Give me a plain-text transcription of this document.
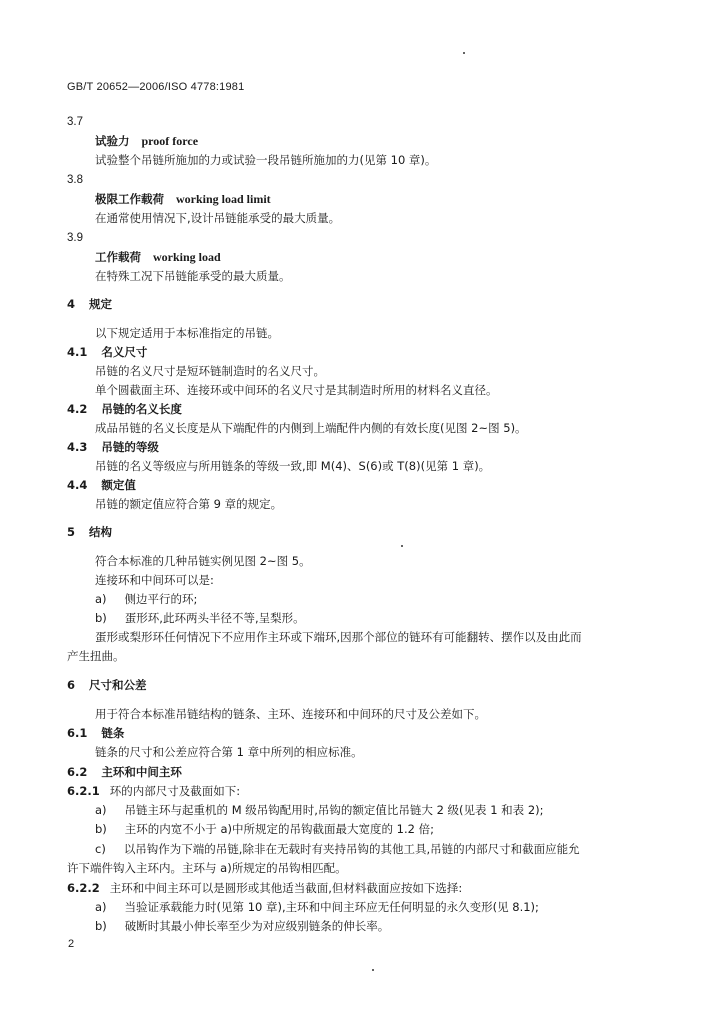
GB/T 20652—2006/ISO 4778:1981
3.7
试验力 proof force
试验整个吊链所施加的力或试验一段吊链所施加的力(见第 10 章)。
3.8
极限工作载荷 working load limit
在通常使用情况下,设计吊链能承受的最大质量。
3.9
工作载荷 working load
在特殊工况下吊链能承受的最大质量。
4 规定
以下规定适用于本标准指定的吊链。
4.1 名义尺寸
吊链的名义尺寸是短环链制造时的名义尺寸。
单个圆截面主环、连接环或中间环的名义尺寸是其制造时所用的材料名义直径。
4.2 吊链的名义长度
成品吊链的名义长度是从下端配件的内侧到上端配件内侧的有效长度(见图 2~图 5)。
4.3 吊链的等级
吊链的名义等级应与所用链条的等级一致,即 M(4)、S(6)或 T(8)(见第 1 章)。
4.4 额定值
吊链的额定值应符合第 9 章的规定。
5 结构
符合本标准的几种吊链实例见图 2~图 5。
连接环和中间环可以是:
a) 侧边平行的环;
b) 蛋形环,此环两头半径不等,呈梨形。
蛋形或梨形环任何情况下不应用作主环或下端环,因那个部位的链环有可能翻转、摆作以及由此而
产生扭曲。
6 尺寸和公差
用于符合本标准吊链结构的链条、主环、连接环和中间环的尺寸及公差如下。
6.1 链条
链条的尺寸和公差应符合第 1 章中所列的相应标准。
6.2 主环和中间主环
6.2.1 环的内部尺寸及截面如下:
a) 吊链主环与起重机的 M 级吊钩配用时,吊钩的额定值比吊链大 2 级(见表 1 和表 2);
b) 主环的内宽不小于 a)中所规定的吊钩截面最大宽度的 1.2 倍;
c) 以吊钩作为下端的吊链,除非在无载时有夹持吊钩的其他工具,吊链的内部尺寸和截面应能允
许下端件钩入主环内。主环与 a)所规定的吊钩相匹配。
6.2.2 主环和中间主环可以是圆形或其他适当截面,但材料截面应按如下选择:
a) 当验证承载能力时(见第 10 章),主环和中间主环应无任何明显的永久变形(见 8.1);
b) 破断时其最小伸长率至少为对应级别链条的伸长率。
2
